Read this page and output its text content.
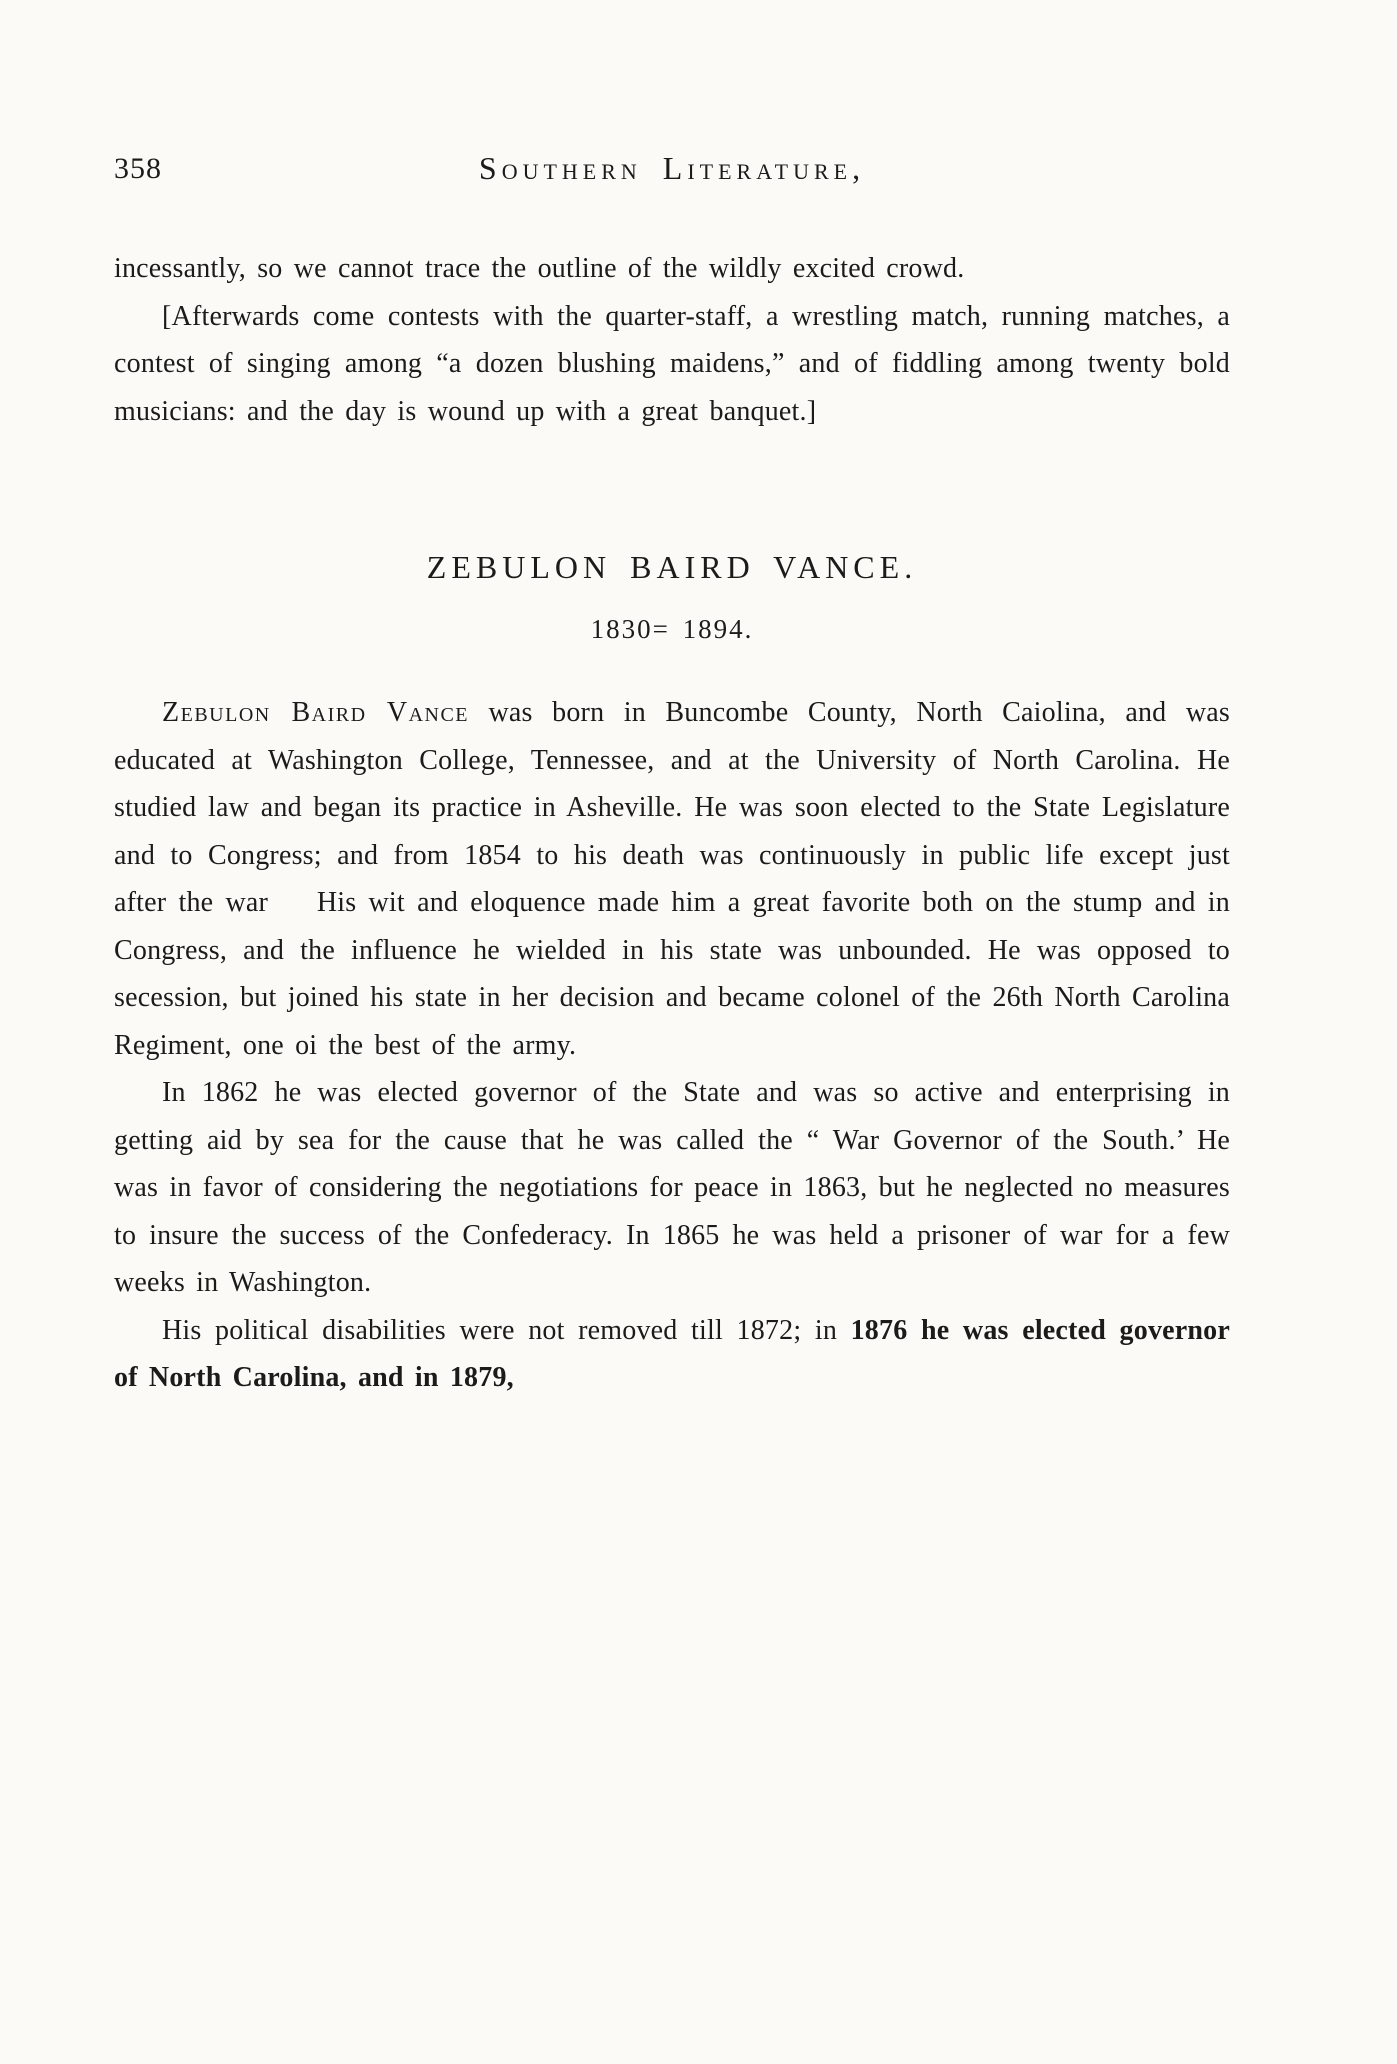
358	Southern Literature,

incessantly, so we cannot trace the outline of the wildly excited crowd.

[Afterwards come contests with the quarter-staff, a wrestling match, running matches, a contest of singing among “a dozen blushing maidens,” and of fiddling among twenty bold musicians: and the day is wound up with a great banquet.]

ZEBULON BAIRD VANCE.
1830= 1894.

Zebulon Baird Vance was born in Buncombe County, North Caiolina, and was educated at Washington College, Tennessee, and at the University of North Carolina. He studied law and began its practice in Asheville. He was soon elected to the State Legislature and to Congress; and from 1854 to his death was continuously in public life except just after the war    His wit and eloquence made him a great favorite both on the stump and in Congress, and the influence he wielded in his state was unbounded. He was opposed to secession, but joined his state in her decision and became colonel of the 26th North Carolina Regiment, one oi the best of the army.

In 1862 he was elected governor of the State and was so active and enterprising in getting aid by sea for the cause that he was called the “ War Governor of the South.’ He was in favor of considering the negotiations for peace in 1863, but he neglected no measures to insure the success of the Confederacy. In 1865 he was held a prisoner of war for a few weeks in Washington.

His political disabilities were not removed till 1872; in 1876 he was elected governor of North Carolina, and in 1879,
